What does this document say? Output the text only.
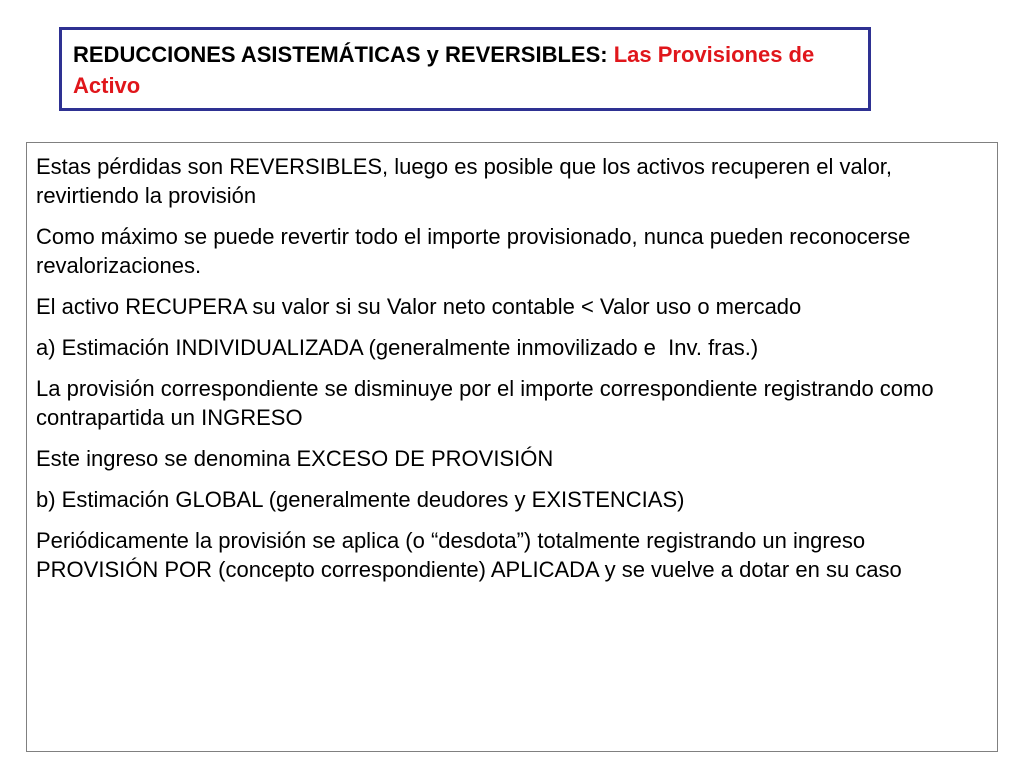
REDUCCIONES ASISTEMÁTICAS y REVERSIBLES: Las Provisiones de Activo

Estas pérdidas son REVERSIBLES, luego es posible que los activos recuperen el valor, revirtiendo la provisión

Como máximo se puede revertir todo el importe provisionado, nunca pueden reconocerse revalorizaciones.

El activo RECUPERA su valor si su Valor neto contable < Valor uso o mercado

a) Estimación INDIVIDUALIZADA (generalmente inmovilizado e  Inv. fras.)

La provisión correspondiente se disminuye por el importe correspondiente registrando como contrapartida un INGRESO

Este ingreso se denomina EXCESO DE PROVISIÓN

b) Estimación GLOBAL (generalmente deudores y EXISTENCIAS)

Periódicamente la provisión se aplica (o “desdota”) totalmente registrando un ingreso PROVISIÓN POR (concepto correspondiente) APLICADA y se vuelve a dotar en su caso
